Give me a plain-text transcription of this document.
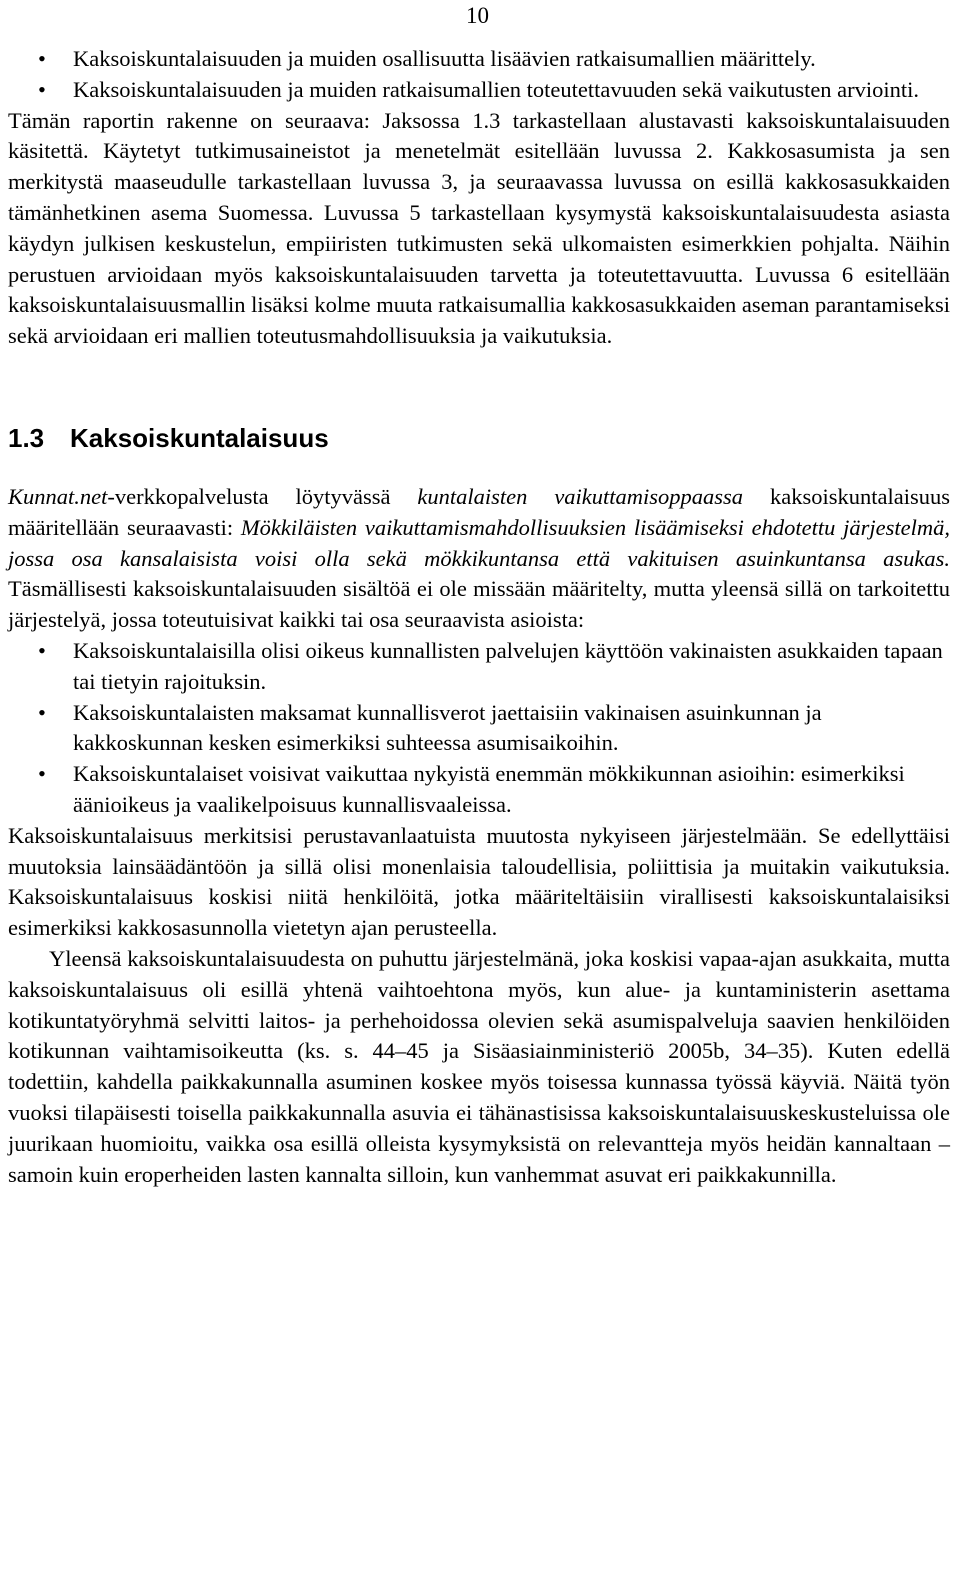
10
• Kaksoiskuntalaisuuden ja muiden osallisuutta lisäävien ratkaisumallien määrittely.
• Kaksoiskuntalaisuuden ja muiden ratkaisumallien toteutettavuuden sekä vaikutusten arviointi.

Tämän raportin rakenne on seuraava: Jaksossa 1.3 tarkastellaan alustavasti kaksoiskuntalaisuuden käsitettä. Käytetyt tutkimusaineistot ja menetelmät esitellään luvussa 2. Kakkosasumista ja sen merkitystä maaseudulle tarkastellaan luvussa 3, ja seuraavassa luvussa on esillä kakkosasukkaiden tämänhetkinen asema Suomessa. Luvussa 5 tarkastellaan kysymystä kaksoiskuntalaisuudesta asiasta käydyn julkisen keskustelun, empiiristen tutkimusten sekä ulkomaisten esimerkkien pohjalta. Näihin perustuen arvioidaan myös kaksoiskuntalaisuuden tarvetta ja toteutettavuutta. Luvussa 6 esitellään kaksoiskuntalaisuusmallin lisäksi kolme muuta ratkaisumallia kakkosasukkaiden aseman parantamiseksi sekä arvioidaan eri mallien toteutusmahdollisuuksia ja vaikutuksia.

1.3 Kaksoiskuntalaisuus

Kunnat.net-verkkopalvelusta löytyvässä kuntalaisten vaikuttamisoppaassa kaksoiskuntalaisuus määritellään seuraavasti: Mökkiläisten vaikuttamismahdollisuuksien lisäämiseksi ehdotettu järjestelmä, jossa osa kansalaisista voisi olla sekä mökkikuntansa että vakituisen asuinkuntansa asukas. Täsmällisesti kaksoiskuntalaisuuden sisältöä ei ole missään määritelty, mutta yleensä sillä on tarkoitettu järjestelyä, jossa toteutuisivat kaikki tai osa seuraavista asioista:

• Kaksoiskuntalaisilla olisi oikeus kunnallisten palvelujen käyttöön vakinaisten asukkaiden tapaan tai tietyin rajoituksin.
• Kaksoiskuntalaisten maksamat kunnallisverot jaettaisiin vakinaisen asuinkunnan ja kakkoskunnan kesken esimerkiksi suhteessa asumisaikoihin.
• Kaksoiskuntalaiset voisivat vaikuttaa nykyistä enemmän mökkikunnan asioihin: esimerkiksi äänioikeus ja vaalikelpoisuus kunnallisvaaleissa.

Kaksoiskuntalaisuus merkitsisi perustavanlaatuista muutosta nykyiseen järjestelmään. Se edellyttäisi muutoksia lainsäädäntöön ja sillä olisi monenlaisia taloudellisia, poliittisia ja muitakin vaikutuksia. Kaksoiskuntalaisuus koskisi niitä henkilöitä, jotka määriteltäisiin virallisesti kaksoiskuntalaisiksi esimerkiksi kakkosasunnolla vietetyn ajan perusteella.

Yleensä kaksoiskuntalaisuudesta on puhuttu järjestelmänä, joka koskisi vapaa-ajan asukkaita, mutta kaksoiskuntalaisuus oli esillä yhtenä vaihtoehtona myös, kun alue- ja kuntaministerin asettama kotikuntatyöryhmä selvitti laitos- ja perhehoidossa olevien sekä asumispalveluja saavien henkilöiden kotikunnan vaihtamisoikeutta (ks. s. 44–45 ja Sisäasiainministeriö 2005b, 34–35). Kuten edellä todettiin, kahdella paikkakunnalla asuminen koskee myös toisessa kunnassa työssä käyviä. Näitä työn vuoksi tilapäisesti toisella paikkakunnalla asuvia ei tähänastisissa kaksoiskuntalaisuuskeskusteluissa ole juurikaan huomioitu, vaikka osa esillä olleista kysymyksistä on relevantteja myös heidän kannaltaan – samoin kuin eroperheiden lasten kannalta silloin, kun vanhemmat asuvat eri paikkakunnilla.
